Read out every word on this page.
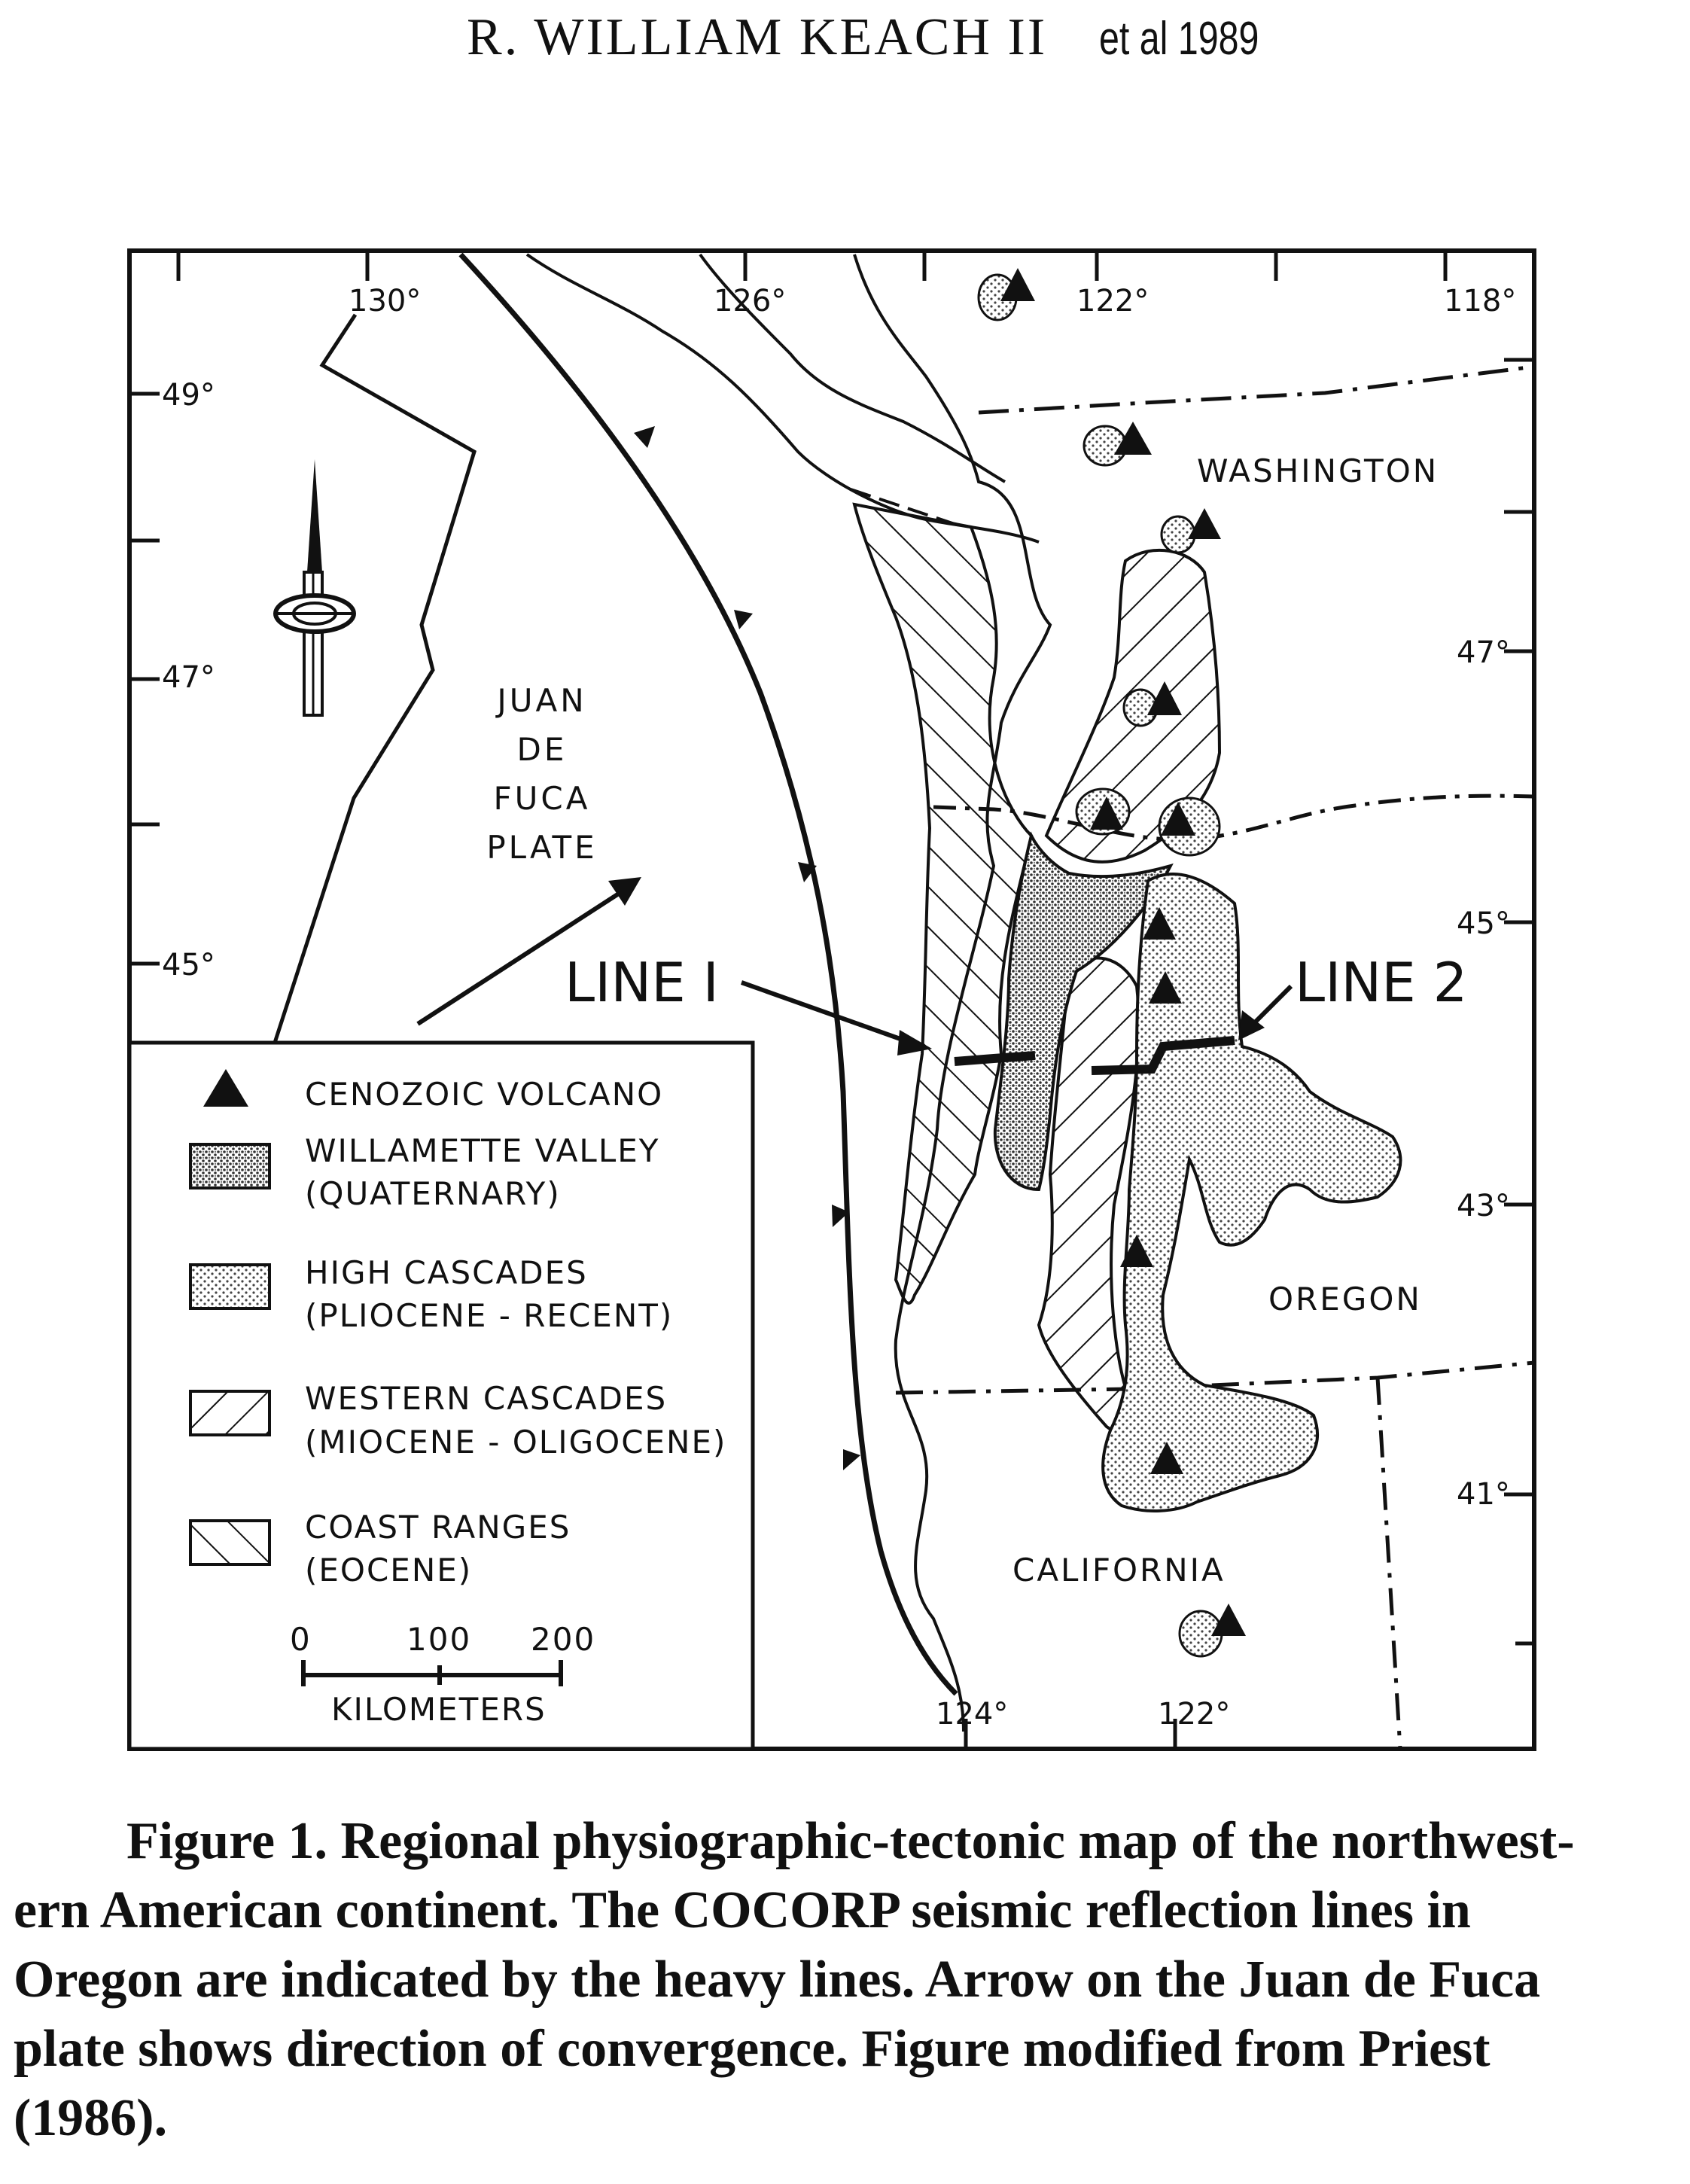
R. WILLIAM KEACH II et al 1989
130°	126°	122°	118°
124°	122°
49°
47°
45°
47°
45°
43°
41°
JUAN
DE
FUCA
PLATE
LINE I	LINE 2
WASHINGTON
OREGON
CALIFORNIA
CENOZOIC VOLCANO
WILLAMETTE VALLEY
(QUATERNARY)
HIGH CASCADES
(PLIOCENE - RECENT)
WESTERN CASCADES
(MIOCENE - OLIGOCENE)
COAST RANGES
(EOCENE)
0	100 200
KILOMETERS
Figure 1. Regional physiographic-tectonic map of the northwest-
ern American continent. The COCORP seismic reflection lines in
Oregon are indicated by the heavy lines. Arrow on the Juan de Fuca
plate shows direction of convergence. Figure modified from Priest
(1986).
